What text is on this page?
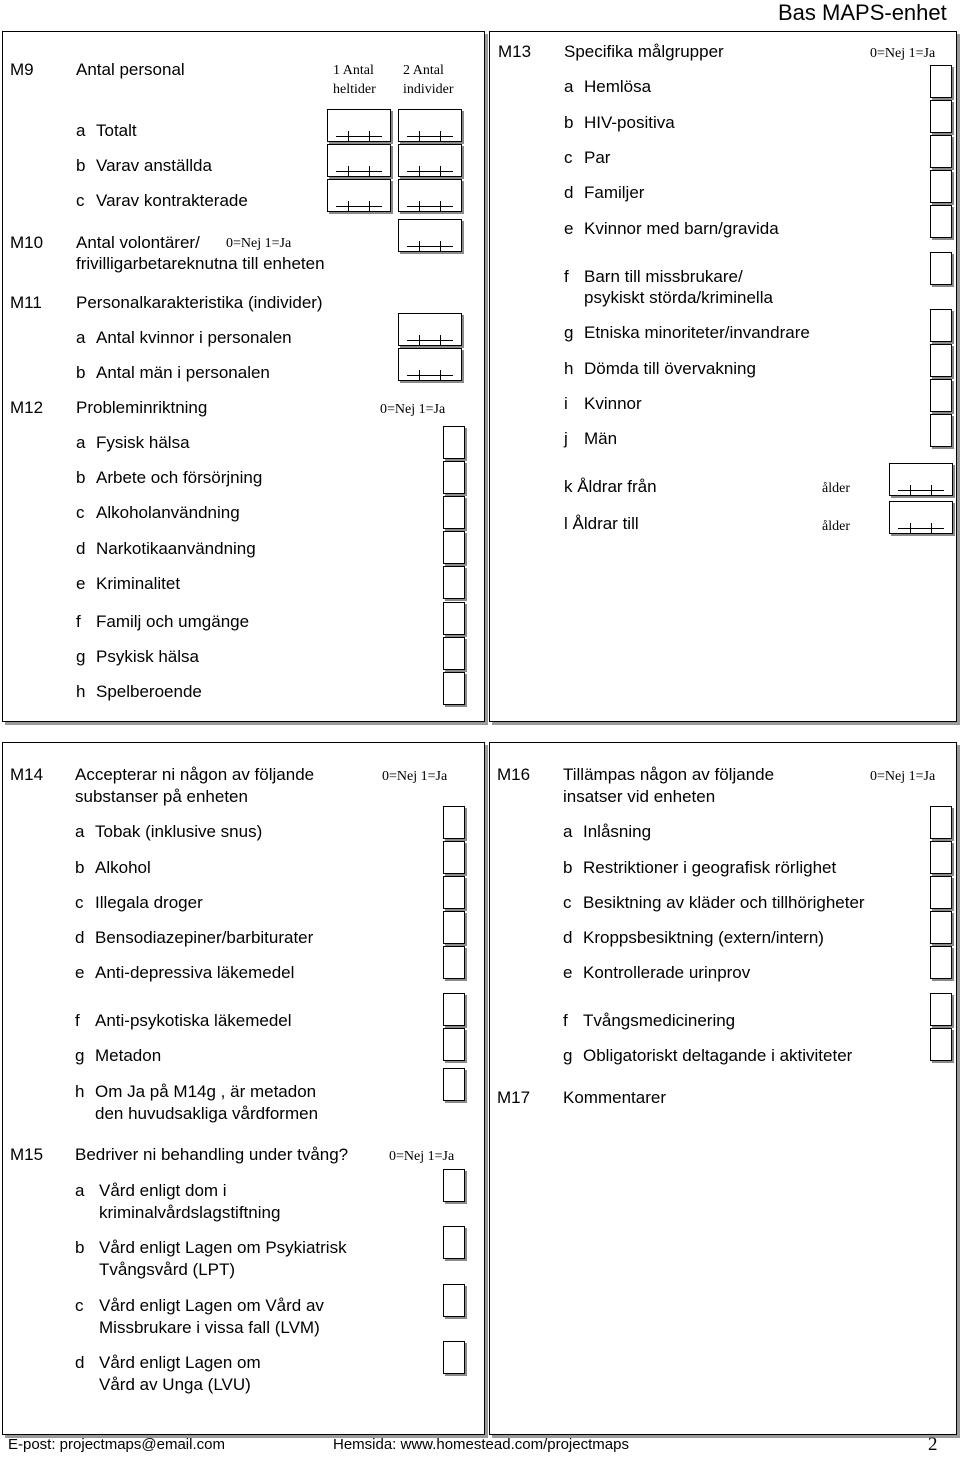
Bas MAPS-enhet
M9 Antal personal	1 Antal
heltider
2 Antal
individer
a Totalt
b Varav anställda
c Varav kontrakterade
M10 Antal volontärer/ 0=Nej 1=Ja
frivilligarbetareknutna till enheten
M11 Personalkarakteristika (individer)
a Antal kvinnor i personalen
b Antal män i personalen
M12 Probleminriktning	0=Nej 1=Ja
a Fysisk hälsa
b Arbete och försörjning
c Alkoholanvändning
d Narkotikaanvändning
e Kriminalitet
f Familj och umgänge
g Psykisk hälsa
h Spelberoende
M13 Specifika målgrupper	0=Nej 1=Ja
a Hemlösa
b HIV-positiva
c Par
d Familjer
e Kvinnor med barn/gravida
f Barn till missbrukare/
psykiskt störda/kriminella
g Etniska minoriteter/invandrare
h Dömda till övervakning
i Kvinnor
j Män
k Åldrar från	ålder
l Åldrar till	ålder
M14 Accepterar ni någon av följande
substanser på enheten
0=Nej 1=Ja
a Tobak (inklusive snus)
b Alkohol
c Illegala droger
d Bensodiazepiner/barbiturater
e Anti-depressiva läkemedel
f Anti-psykotiska läkemedel
g Metadon
h Om Ja på M14g , är metadon
den huvudsakliga vårdformen
M15 Bedriver ni behandling under tvång?	0=Nej 1=Ja
a Vård enligt dom i
kriminalvårdslagstiftning
b Vård enligt Lagen om Psykiatrisk
Tvångsvård (LPT)
c Vård enligt Lagen om Vård av
Missbrukare i vissa fall (LVM)
d Vård enligt Lagen om
Vård av Unga (LVU)
M16 Tillämpas någon av följande
insatser vid enheten
0=Nej 1=Ja
a Inlåsning
b Restriktioner i geografisk rörlighet
c Besiktning av kläder och tillhörigheter
d Kroppsbesiktning (extern/intern)
e Kontrollerade urinprov
f Tvångsmedicinering
g Obligatoriskt deltagande i aktiviteter
M17 Kommentarer
E-post: projectmaps@email.com	Hemsida: www.homestead.com/projectmaps	2
